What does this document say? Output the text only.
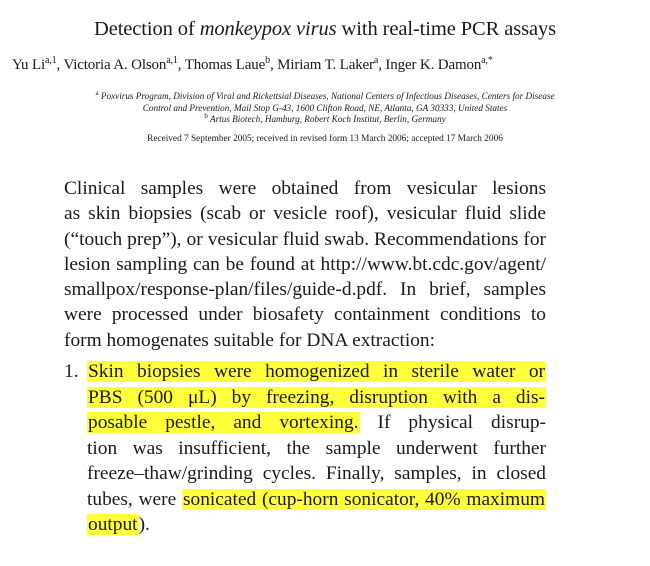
Detection of monkeypox virus with real-time PCR assays
Yu Li$^{a,1}$, Victoria A. Olson$^{a,1}$, Thomas Laue$^b$, Miriam T. Laker$^a$, Inger K. Damon$^{a,*}$
$^a$ Poxvirus Program, Division of Viral and Rickettsial Diseases, National Centers of Infectious Diseases, Centers for Disease
Control and Prevention, Mail Stop G-43, 1600 Clifton Road, NE, Atlanta, GA 30333, United States
$^b$ Artus Biotech, Hamburg, Robert Koch Institut, Berlin, Germany
Received 7 September 2005; received in revised form 13 March 2006; accepted 17 March 2006
Clinical samples were obtained from vesicular lesions
as skin biopsies (scab or vesicle roof), vesicular fluid slide
(“touch prep”), or vesicular fluid swab. Recommendations for
lesion sampling can be found at http://www.bt.cdc.gov/agent/
smallpox/response-plan/files/guide-d.pdf. In brief, samples
were processed under biosafety containment conditions to
form homogenates suitable for DNA extraction:
1. Skin biopsies were homogenized in sterile water or
PBS (500 μL) by freezing, disruption with a dis-
posable pestle, and vortexing. If physical disrup-
tion was insufficient, the sample underwent further
freeze–thaw/grinding cycles. Finally, samples, in closed
tubes, were sonicated (cup-horn sonicator, 40% maximum
output).
